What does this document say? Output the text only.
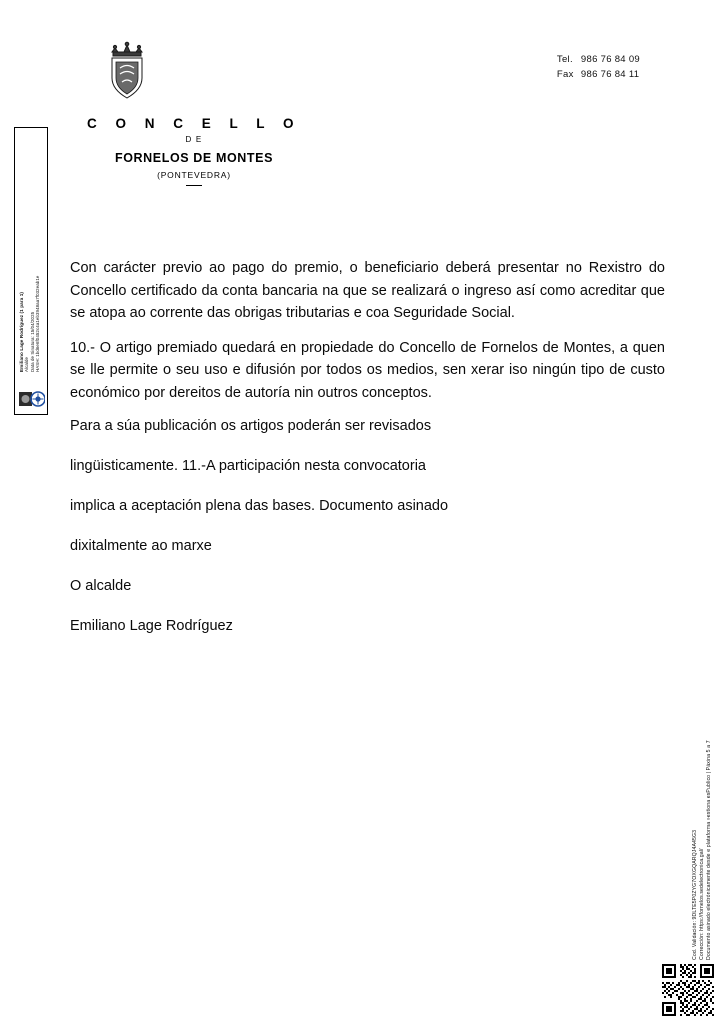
Tel. 986 76 84 09
Fax 986 76 84 11
C O N C E L L O
D E
FORNELOS DE MONTES
(PONTEVEDRA)
Emiliano Lage Rodríguez (1 para 1) Alcalde Data de Sinatura: 15/04/2025 HASH: 1bd6e6f0452c4a1eb3948aa7f032eab1e

Con carácter previo ao pago do premio, o beneficiario deberá presentar no Rexistro do Concello certificado da conta bancaria na que se realizará o ingreso así como acreditar que se atopa ao corrente das obrigas tributarias e coa Seguridade Social.

10.- O artigo premiado quedará en propiedade do Concello de Fornelos de Montes, a quen se lle permite o seu uso e difusión por todos os medios, sen xerar iso ningún tipo de custo económico por dereitos de autoría nin outros conceptos.

Para a súa publicación os artigos poderán ser revisados

lingüisticamente. 11.-A participación nesta convocatoria

implica a aceptación plena das bases. Documento asinado

dixitalmente ao marxe

O alcalde

Emiliano Lage Rodríguez

Cod. Validación: 9DLTE5P0ZYG7OXGQARQJ4A45G3 Corrección: https://fornelos.sedelectronica.gal/ Documento asinado electrónicamente desde e plataforma »estiona esPublico | Páxina 5 a 7
